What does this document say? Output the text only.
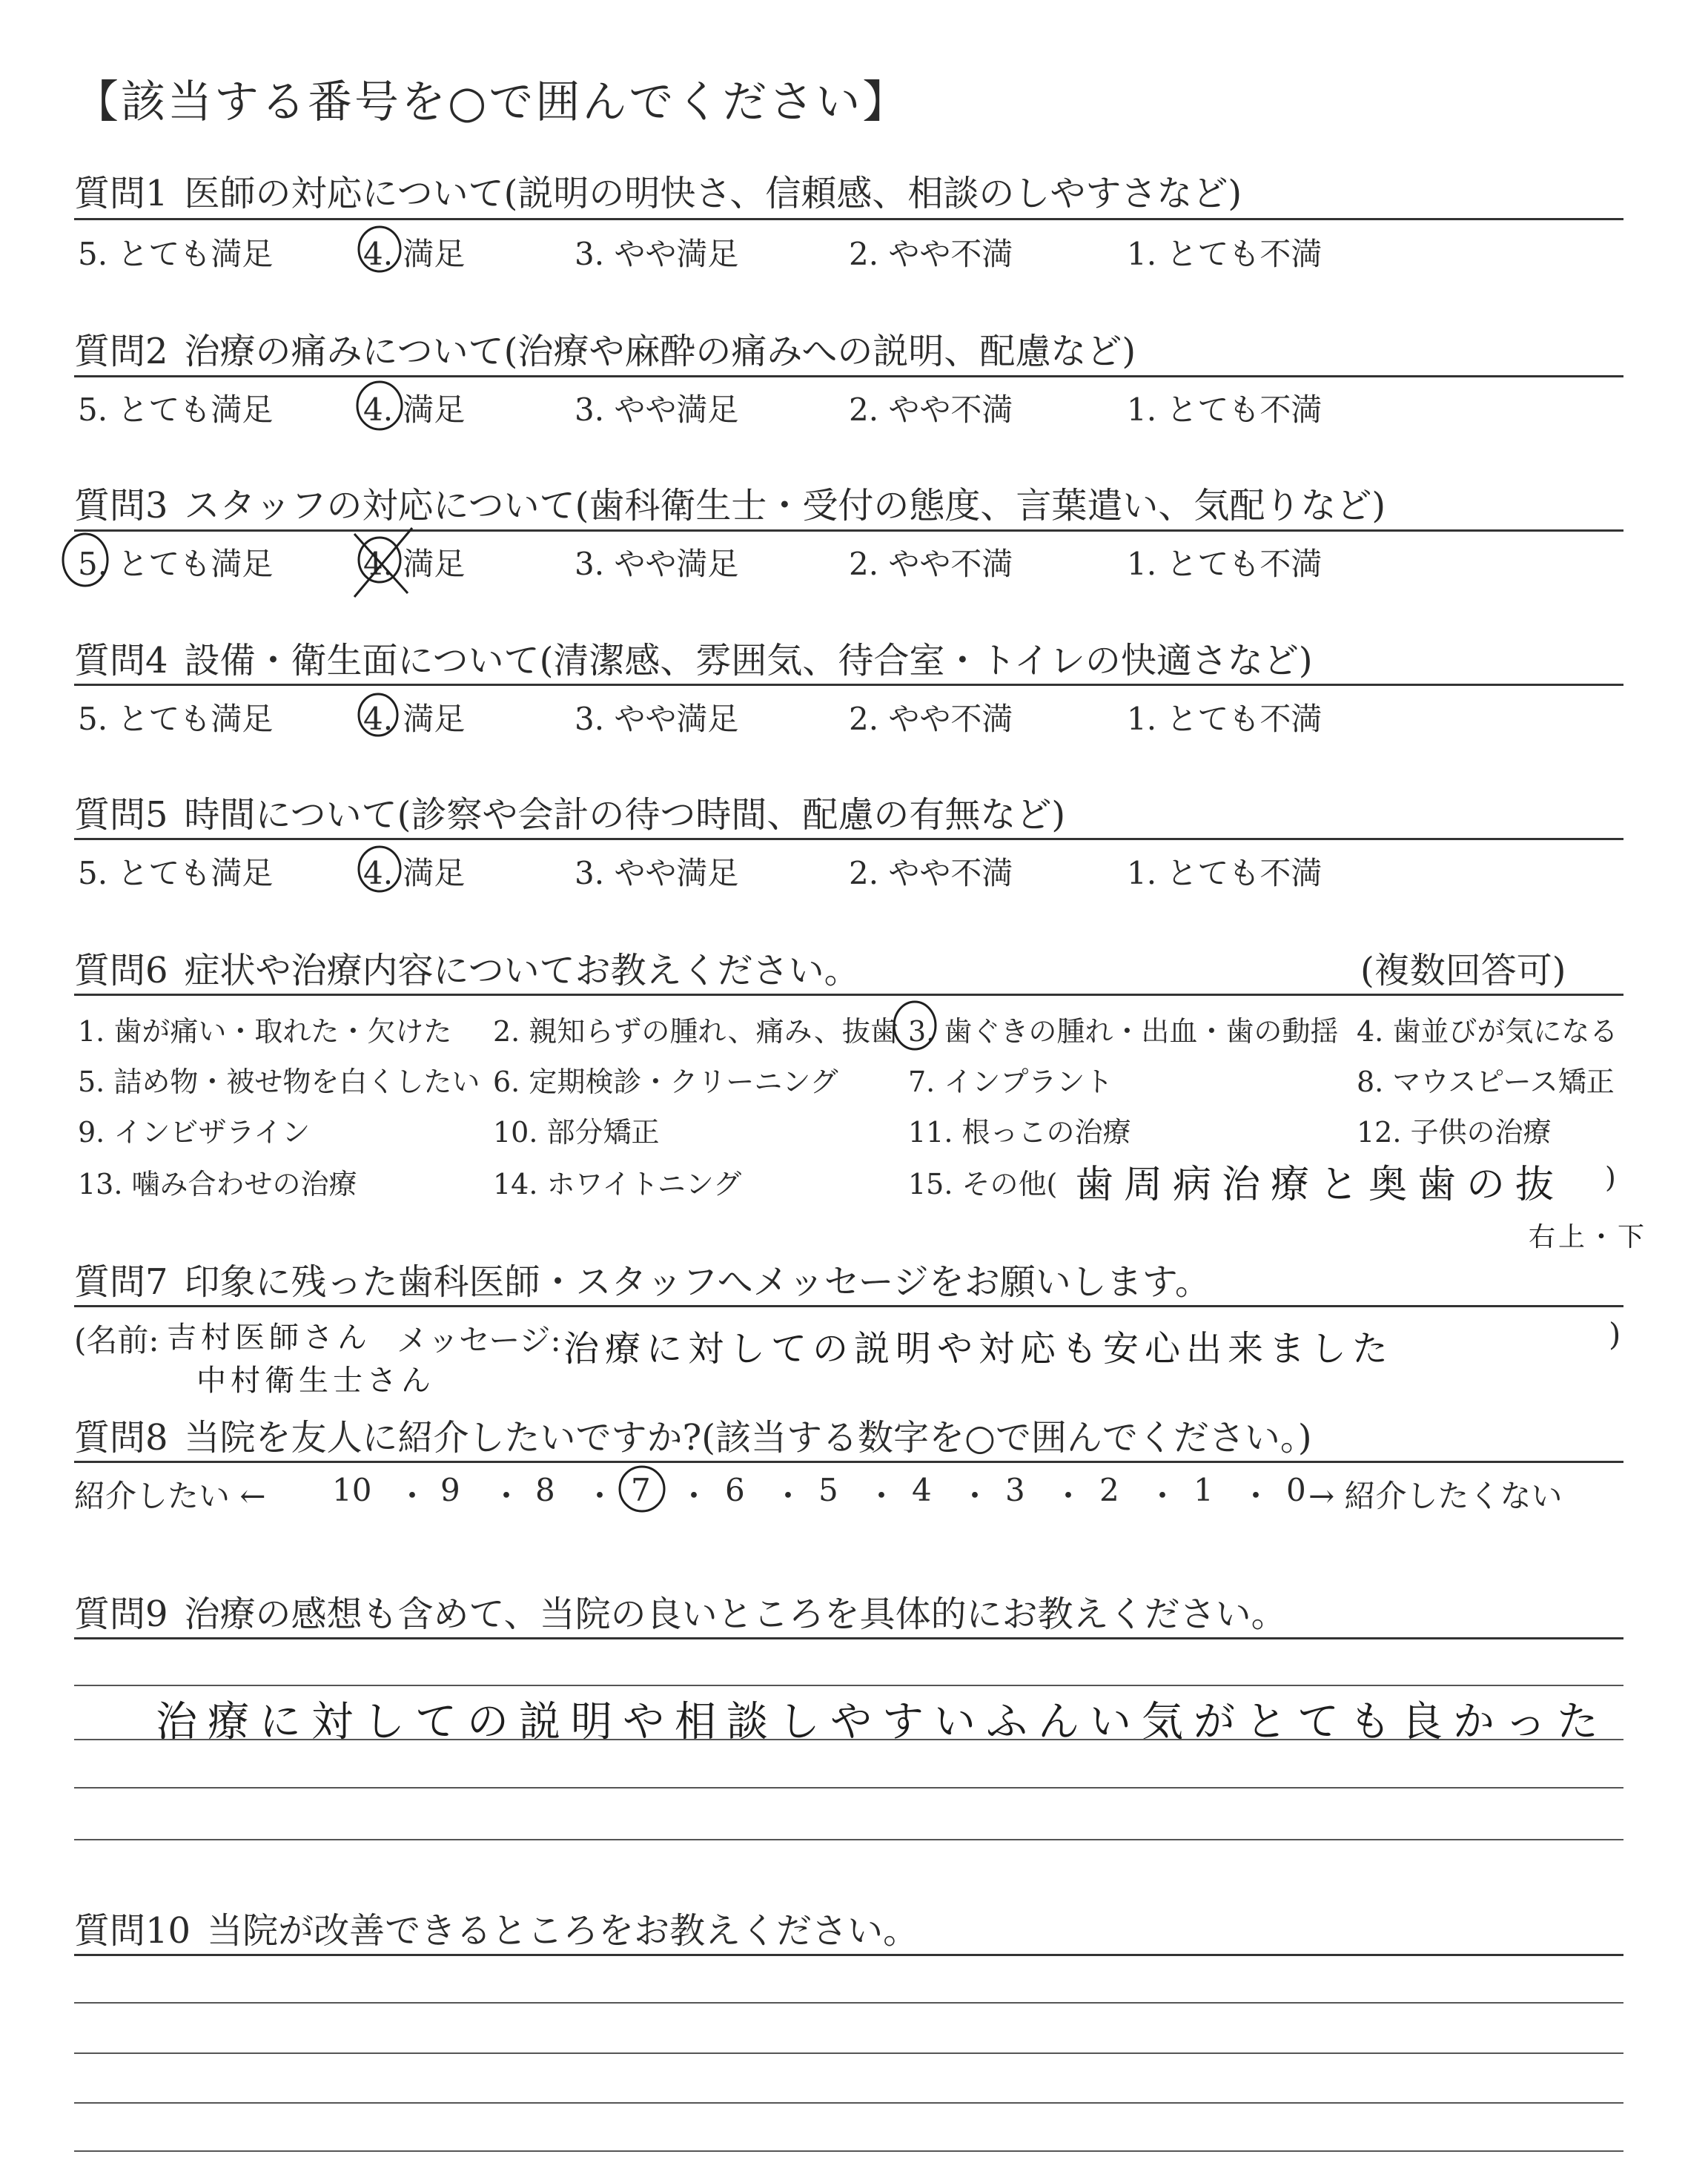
【該当する番号を○で囲んでください】
質問1 医師の対応について(説明の明快さ、信頼感、相談のしやすさなど)
5. とても満足	4. 満足	3. やや満足	2. やや不満	1. とても不満
質問2 治療の痛みについて(治療や麻酔の痛みへの説明、配慮など)
5. とても満足	4. 満足	3. やや満足	2. やや不満	1. とても不満
質問3 スタッフの対応について(歯科衛生士・受付の態度、言葉遣い、気配りなど)
5. とても満足	4. 満足	3. やや満足	2. やや不満	1. とても不満
質問4 設備・衛生面について(清潔感、雰囲気、待合室・トイレの快適さなど)
5. とても満足	4. 満足	3. やや満足	2. やや不満	1. とても不満
質問5 時間について(診察や会計の待つ時間、配慮の有無など)
5. とても満足	4. 満足	3. やや満足	2. やや不満	1. とても不満
質問6 症状や治療内容についてお教えください。	(複数回答可)
1. 歯が痛い・取れた・欠けた 2. 親知らずの腫れ、痛み、抜歯 3. 歯ぐきの腫れ・出血・歯の動揺 4. 歯並びが気になる
5. 詰め物・被せ物を白くしたい 6. 定期検診・クリーニング 7. インプラント	8. マウスピース矯正
9. インビザライン	10. 部分矯正	11. 根っこの治療	12. 子供の治療
13. 噛み合わせの治療	14. ホワイトニング	15. その他( 歯周病治療と奥歯の抜 )
右上・下
質問7 印象に残った歯科医師・スタッフへメッセージをお願いします。
(名前: 吉村医師さん メッセージ:
中村衛生士さん
治療に対しての説明や対応も安心出来ました	)
質問8 当院を友人に紹介したいですか?(該当する数字を○で囲んでください。)
紹介したい ←	→ 紹介したくない
10 ・ 9 ・ 8 ・ 7 ・ 6 ・ 5 ・ 4 ・ 3 ・ 2 ・ 1 ・ 0
質問9 治療の感想も含めて、当院の良いところを具体的にお教えください。
治療に対しての説明や相談しやすいふんい気がとても良かった
質問10 当院が改善できるところをお教えください。
